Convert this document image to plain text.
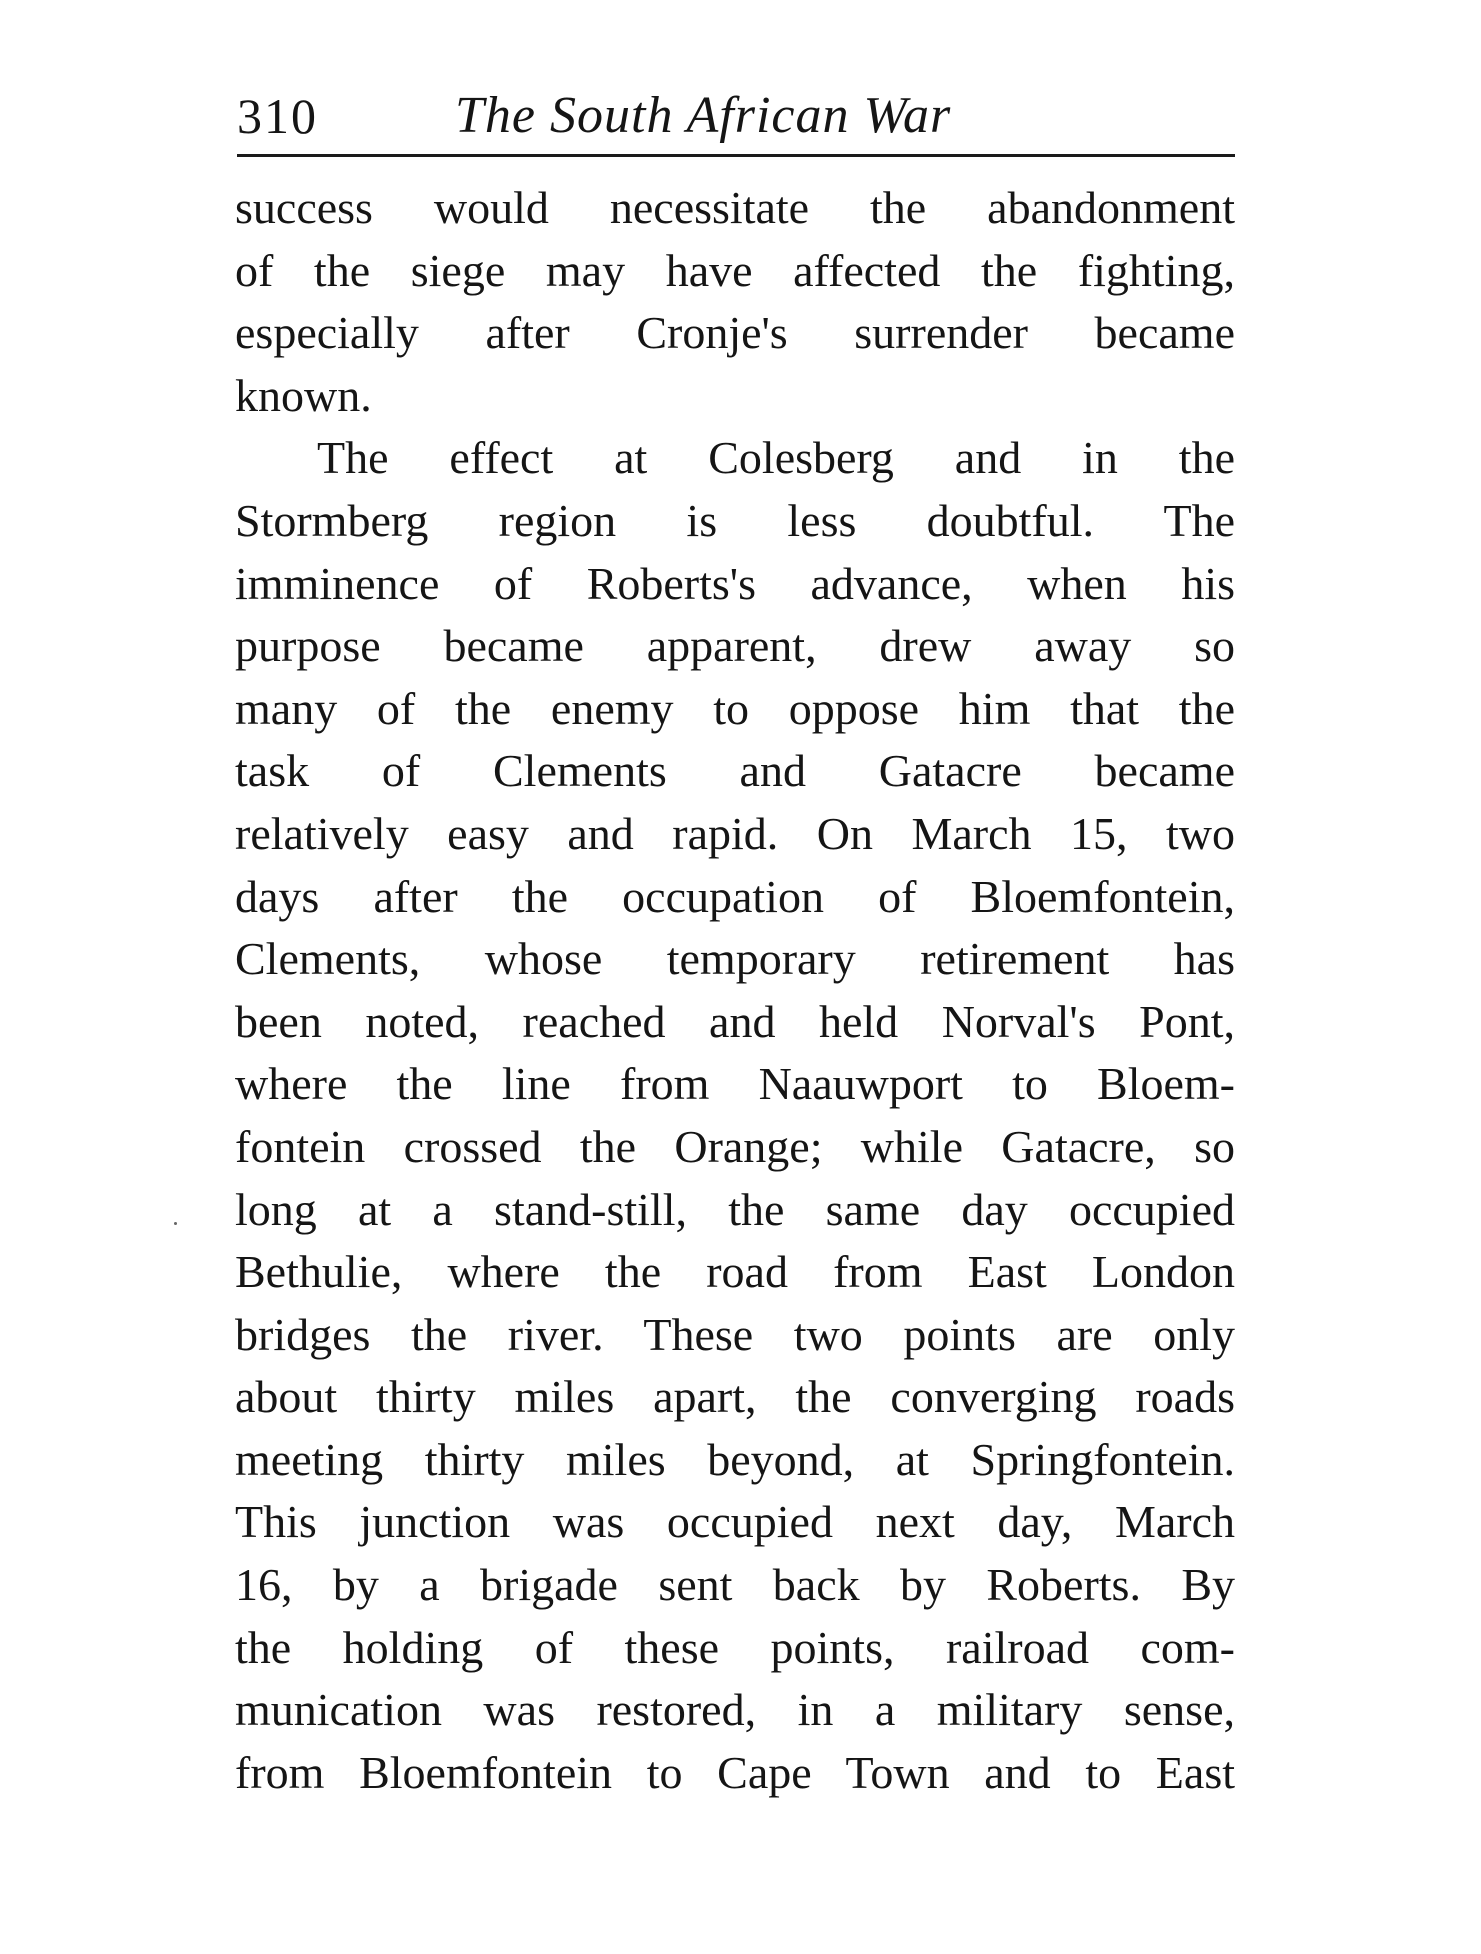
310	The South African War
success would necessitate the abandonment
of the siege may have affected the fighting,
especially after Cronje's surrender became
known.
The effect at Colesberg and in the
Stormberg region is less doubtful. The
imminence of Roberts's advance, when his
purpose became apparent, drew away so
many of the enemy to oppose him that the
task of Clements and Gatacre became
relatively easy and rapid. On March 15, two
days after the occupation of Bloemfontein,
Clements, whose temporary retirement has
been noted, reached and held Norval's Pont,
where the line from Naauwport to Bloem-
fontein crossed the Orange; while Gatacre, so
long at a stand-still, the same day occupied
Bethulie, where the road from East London
bridges the river. These two points are only
about thirty miles apart, the converging roads
meeting thirty miles beyond, at Springfontein.
This junction was occupied next day, March
16, by a brigade sent back by Roberts. By
the holding of these points, railroad com-
munication was restored, in a military sense,
from Bloemfontein to Cape Town and to East
